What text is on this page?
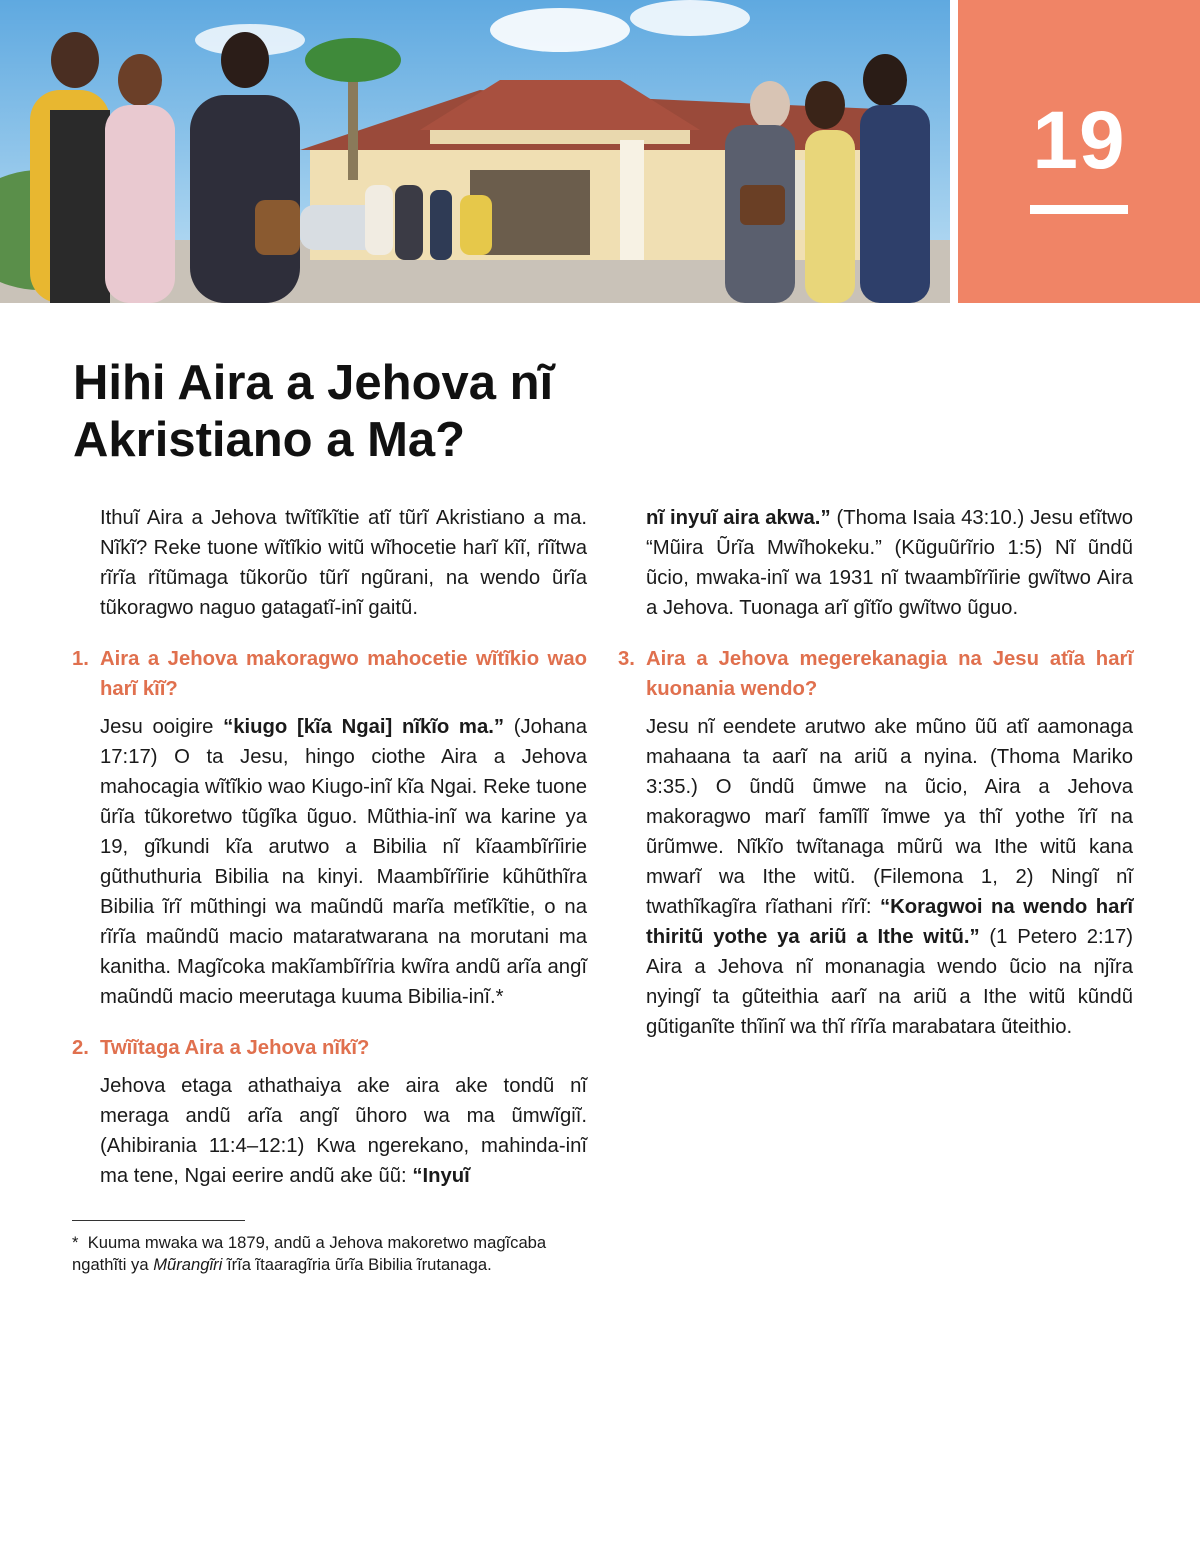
19
Hihi Aira a Jehova nĩ Akristiano a Ma?

Ithuĩ Aira a Jehova twĩtĩkĩtie atĩ tũrĩ Akristiano a ma. Nĩkĩ? Reke tuone wĩtĩkio witũ wĩhocetie harĩ kĩĩ, rĩĩtwa rĩrĩa rĩtũmaga tũkorũo tũrĩ ngũrani, na wendo ũrĩa tũkoragwo naguo gatagatĩ-inĩ gaitũ.

1. Aira a Jehova makoragwo mahocetie wĩtĩkio wao harĩ kĩĩ?

Jesu ooigire “kiugo [kĩa Ngai] nĩkĩo ma.” (Johana 17:17) O ta Jesu, hingo ciothe Aira a Jehova mahocagia wĩtĩkio wao Kiugo-inĩ kĩa Ngai. Reke tuone ũrĩa tũkoretwo tũgĩka ũguo. Mũthia-inĩ wa karine ya 19, gĩkundi kĩa arutwo a Bibilia nĩ kĩaambĩrĩirie gũthuthuria Bibilia na kinyi. Maambĩrĩirie kũhũthĩra Bibilia ĩrĩ mũthingi wa maũndũ marĩa metĩkĩtie, o na rĩrĩa maũndũ macio mataratwarana na morutani ma kanitha. Magĩcoka makĩambĩrĩria kwĩra andũ arĩa angĩ maũndũ macio meerutaga kuuma Bibilia-inĩ.*

2. Twĩĩtaga Aira a Jehova nĩkĩ?

Jehova etaga athathaiya ake aira ake tondũ nĩ meraga andũ arĩa angĩ ũhoro wa ma ũmwĩgiĩ. (Ahibirania 11:4–12:1) Kwa ngerekano, mahinda-inĩ ma tene, Ngai eerire andũ ake ũũ: “Inyuĩ

* Kuuma mwaka wa 1879, andũ a Jehova makoretwo magĩcaba ngathĩti ya Mũrangĩri ĩrĩa ĩtaaragĩria ũrĩa Bibilia ĩrutanaga.

nĩ inyuĩ aira akwa.” (Thoma Isaia 43:10.) Jesu etĩtwo “Mũira Ũrĩa Mwĩhokeku.” (Kũguũrĩrio 1:5) Nĩ ũndũ ũcio, mwaka-inĩ wa 1931 nĩ twaambĩrĩirie gwĩtwo Aira a Jehova. Tuonaga arĩ gĩtĩo gwĩtwo ũguo.

3. Aira a Jehova megerekanagia na Jesu atĩa harĩ kuonania wendo?

Jesu nĩ eendete arutwo ake mũno ũũ atĩ aamonaga mahaana ta aarĩ na ariũ a nyina. (Thoma Mariko 3:35.) O ũndũ ũmwe na ũcio, Aira a Jehova makoragwo marĩ famĩlĩ ĩmwe ya thĩ yothe ĩrĩ na ũrũmwe. Nĩkĩo twĩtanaga mũrũ wa Ithe witũ kana mwarĩ wa Ithe witũ. (Filemona 1, 2) Ningĩ nĩ twathĩkagĩra rĩathani rĩrĩ: “Koragwoi na wendo harĩ thiritũ yothe ya ariũ a Ithe witũ.” (1 Petero 2:17) Aira a Jehova nĩ monanagia wendo ũcio na njĩra nyingĩ ta gũteithia aarĩ na ariũ a Ithe witũ kũndũ gũtiganĩte thĩinĩ wa thĩ rĩrĩa marabatara ũteithio.
